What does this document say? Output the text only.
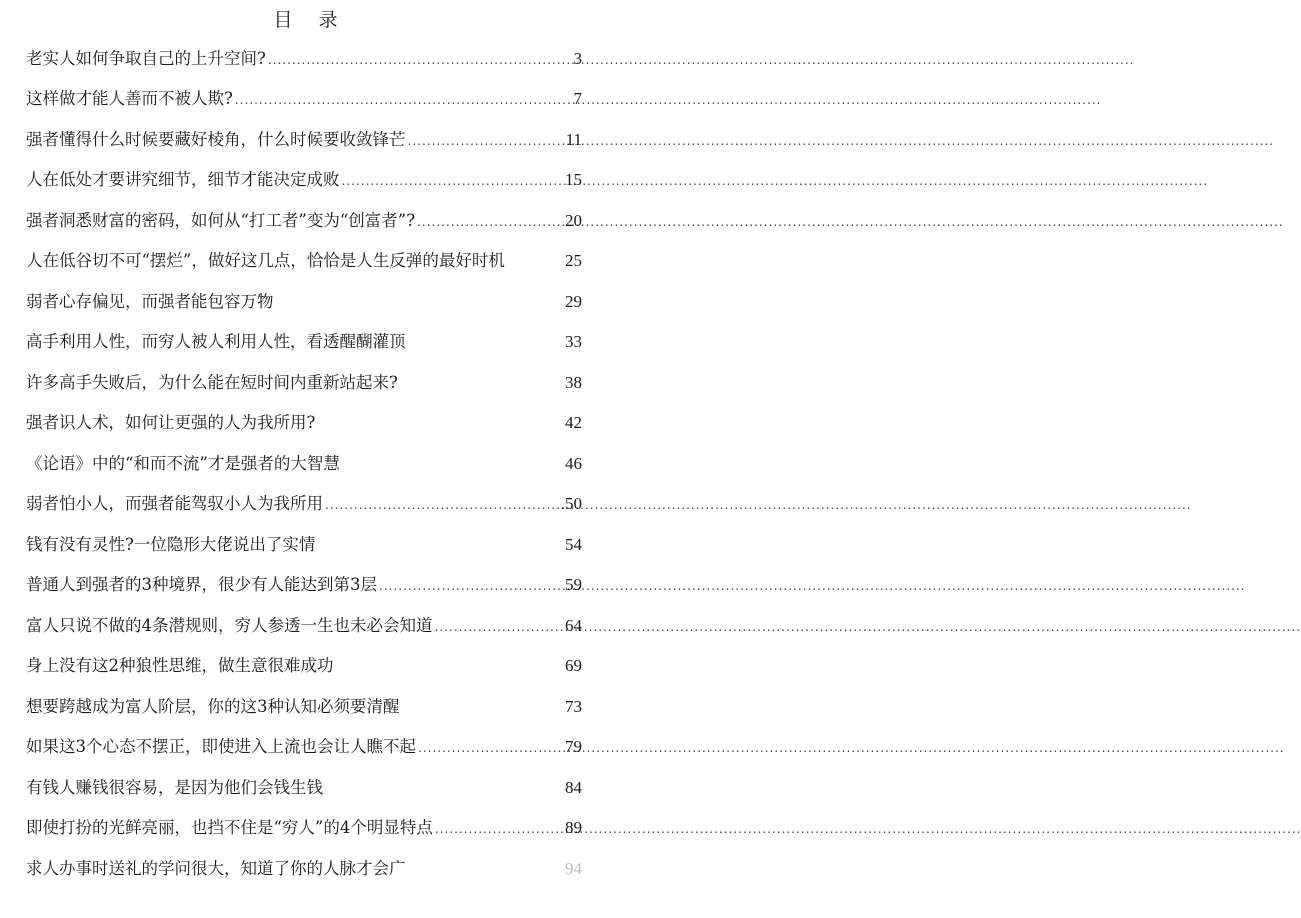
目 录
老实人如何争取自己的上升空间? .....	3
这样做才能人善而不被人欺? .....	7
强者懂得什么时候要藏好棱角，什么时候要收敛锋芒 .....	11
人在低处才要讲究细节，细节才能决定成败 .....	15
强者洞悉财富的密码，如何从“打工者”变为“创富者”? .....	20
人在低谷切不可“摆烂”，做好这几点，恰恰是人生反弹的最好时机	25
弱者心存偏见，而强者能包容万物	29
高手利用人性，而穷人被人利用人性，看透醒醐灌顶	33
许多高手失败后，为什么能在短时间内重新站起来?	38
强者识人术，如何让更强的人为我所用?	42
《论语》中的“和而不流”才是强者的大智慧	46
弱者怕小人，而强者能驾驭小人为我所用 .....	.50
钱有没有灵性?一位隐形大佬说出了实情	54
普通人到强者的3种境界，很少有人能达到第3层 .....	59
富人只说不做的4条潜规则，穷人参透一生也未必会知道 .....	64
身上没有这2种狼性思维，做生意很难成功	69
想要跨越成为富人阶层，你的这3种认知必须要清醒	73
如果这3个心态不摆正，即使进入上流也会让人瞧不起 .....	79
有钱人赚钱很容易，是因为他们会钱生钱	84
即使打扮的光鲜亮丽，也挡不住是“穷人”的4个明显特点 .....	89
求人办事时送礼的学问很大，知道了你的人脉才会广	94
